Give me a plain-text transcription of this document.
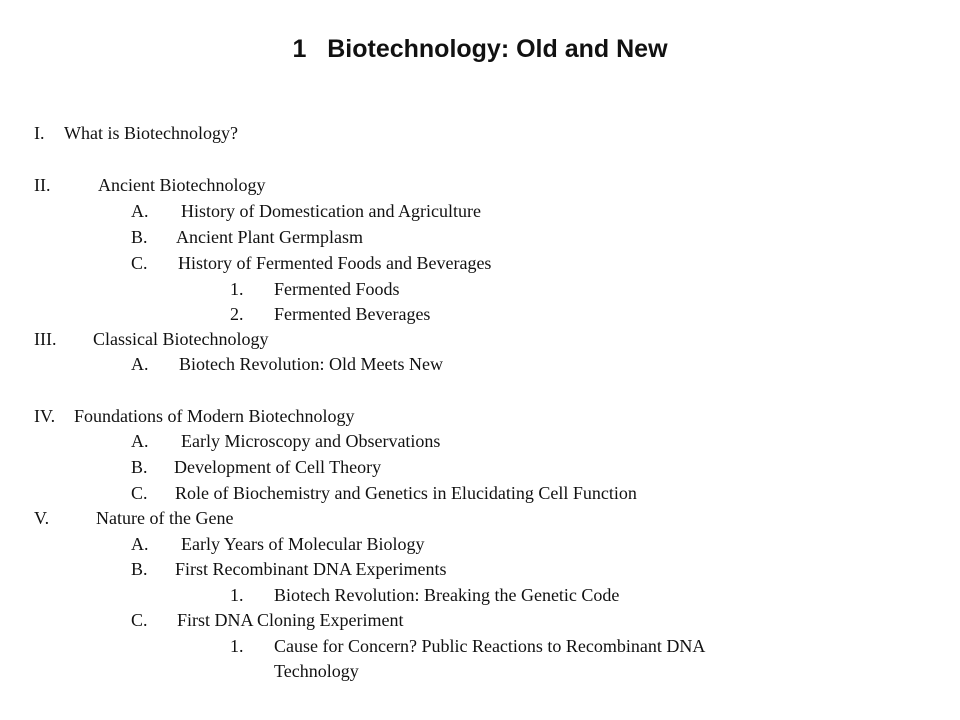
1   Biotechnology: Old and New
I. What is Biotechnology?
II.	Ancient Biotechnology
A. History of Domestication and Agriculture
B. Ancient Plant Germplasm
C. History of Fermented Foods and Beverages
1. Fermented Foods
2. Fermented Beverages
III. Classical Biotechnology
A. Biotech Revolution: Old Meets New
IV. Foundations of Modern Biotechnology
A. Early Microscopy and Observations
B. Development of Cell Theory
C. Role of Biochemistry and Genetics in Elucidating Cell Function
V.	Nature of the Gene
A. Early Years of Molecular Biology
B. First Recombinant DNA Experiments
1. Biotech Revolution: Breaking the Genetic Code
C. First DNA Cloning Experiment
1. Cause for Concern? Public Reactions to Recombinant DNA
Technology
